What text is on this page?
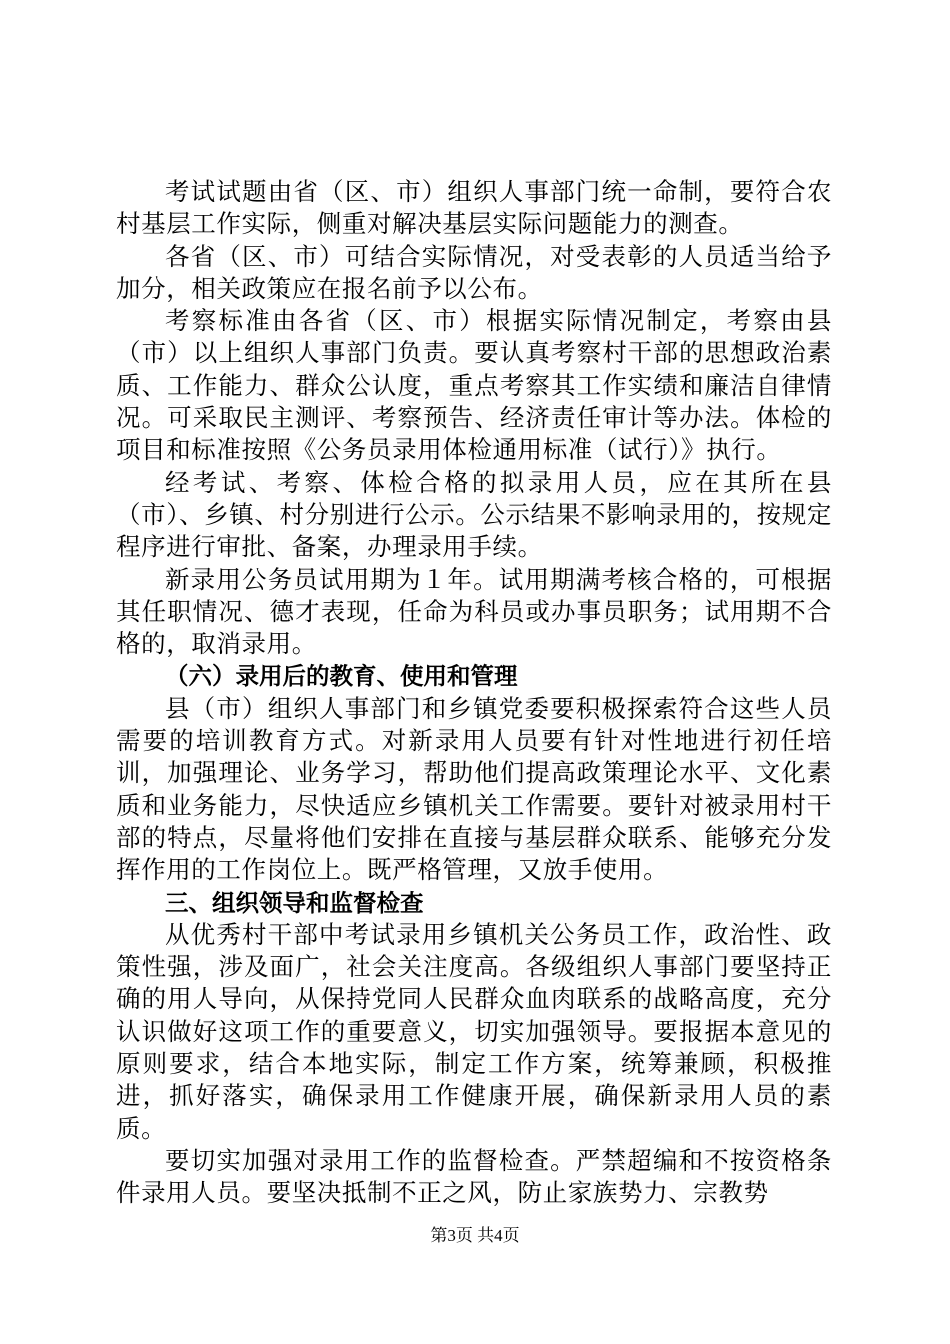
考试试题由省（区、市）组织人事部门统一命制，要符合农村基层工作实际，侧重对解决基层实际问题能力的测查。

各省（区、市）可结合实际情况，对受表彰的人员适当给予加分，相关政策应在报名前予以公布。

考察标准由各省（区、市）根据实际情况制定，考察由县（市）以上组织人事部门负责。要认真考察村干部的思想政治素质、工作能力、群众公认度，重点考察其工作实绩和廉洁自律情况。可采取民主测评、考察预告、经济责任审计等办法。体检的项目和标准按照《公务员录用体检通用标准（试行）》执行。

经考试、考察、体检合格的拟录用人员，应在其所在县（市）、乡镇、村分别进行公示。公示结果不影响录用的，按规定程序进行审批、备案，办理录用手续。

新录用公务员试用期为１年。试用期满考核合格的，可根据其任职情况、德才表现，任命为科员或办事员职务；试用期不合格的，取消录用。

（六）录用后的教育、使用和管理

县（市）组织人事部门和乡镇党委要积极探索符合这些人员需要的培训教育方式。对新录用人员要有针对性地进行初任培训，加强理论、业务学习，帮助他们提高政策理论水平、文化素质和业务能力，尽快适应乡镇机关工作需要。要针对被录用村干部的特点，尽量将他们安排在直接与基层群众联系、能够充分发挥作用的工作岗位上。既严格管理，又放手使用。

三、组织领导和监督检查

从优秀村干部中考试录用乡镇机关公务员工作，政治性、政策性强，涉及面广，社会关注度高。各级组织人事部门要坚持正确的用人导向，从保持党同人民群众血肉联系的战略高度，充分认识做好这项工作的重要意义，切实加强领导。要报据本意见的原则要求，结合本地实际，制定工作方案，统筹兼顾，积极推进，抓好落实，确保录用工作健康开展，确保新录用人员的素质。

要切实加强对录用工作的监督检查。严禁超编和不按资格条件录用人员。要坚决抵制不正之风，防止家族势力、宗教势

第3页 共4页
